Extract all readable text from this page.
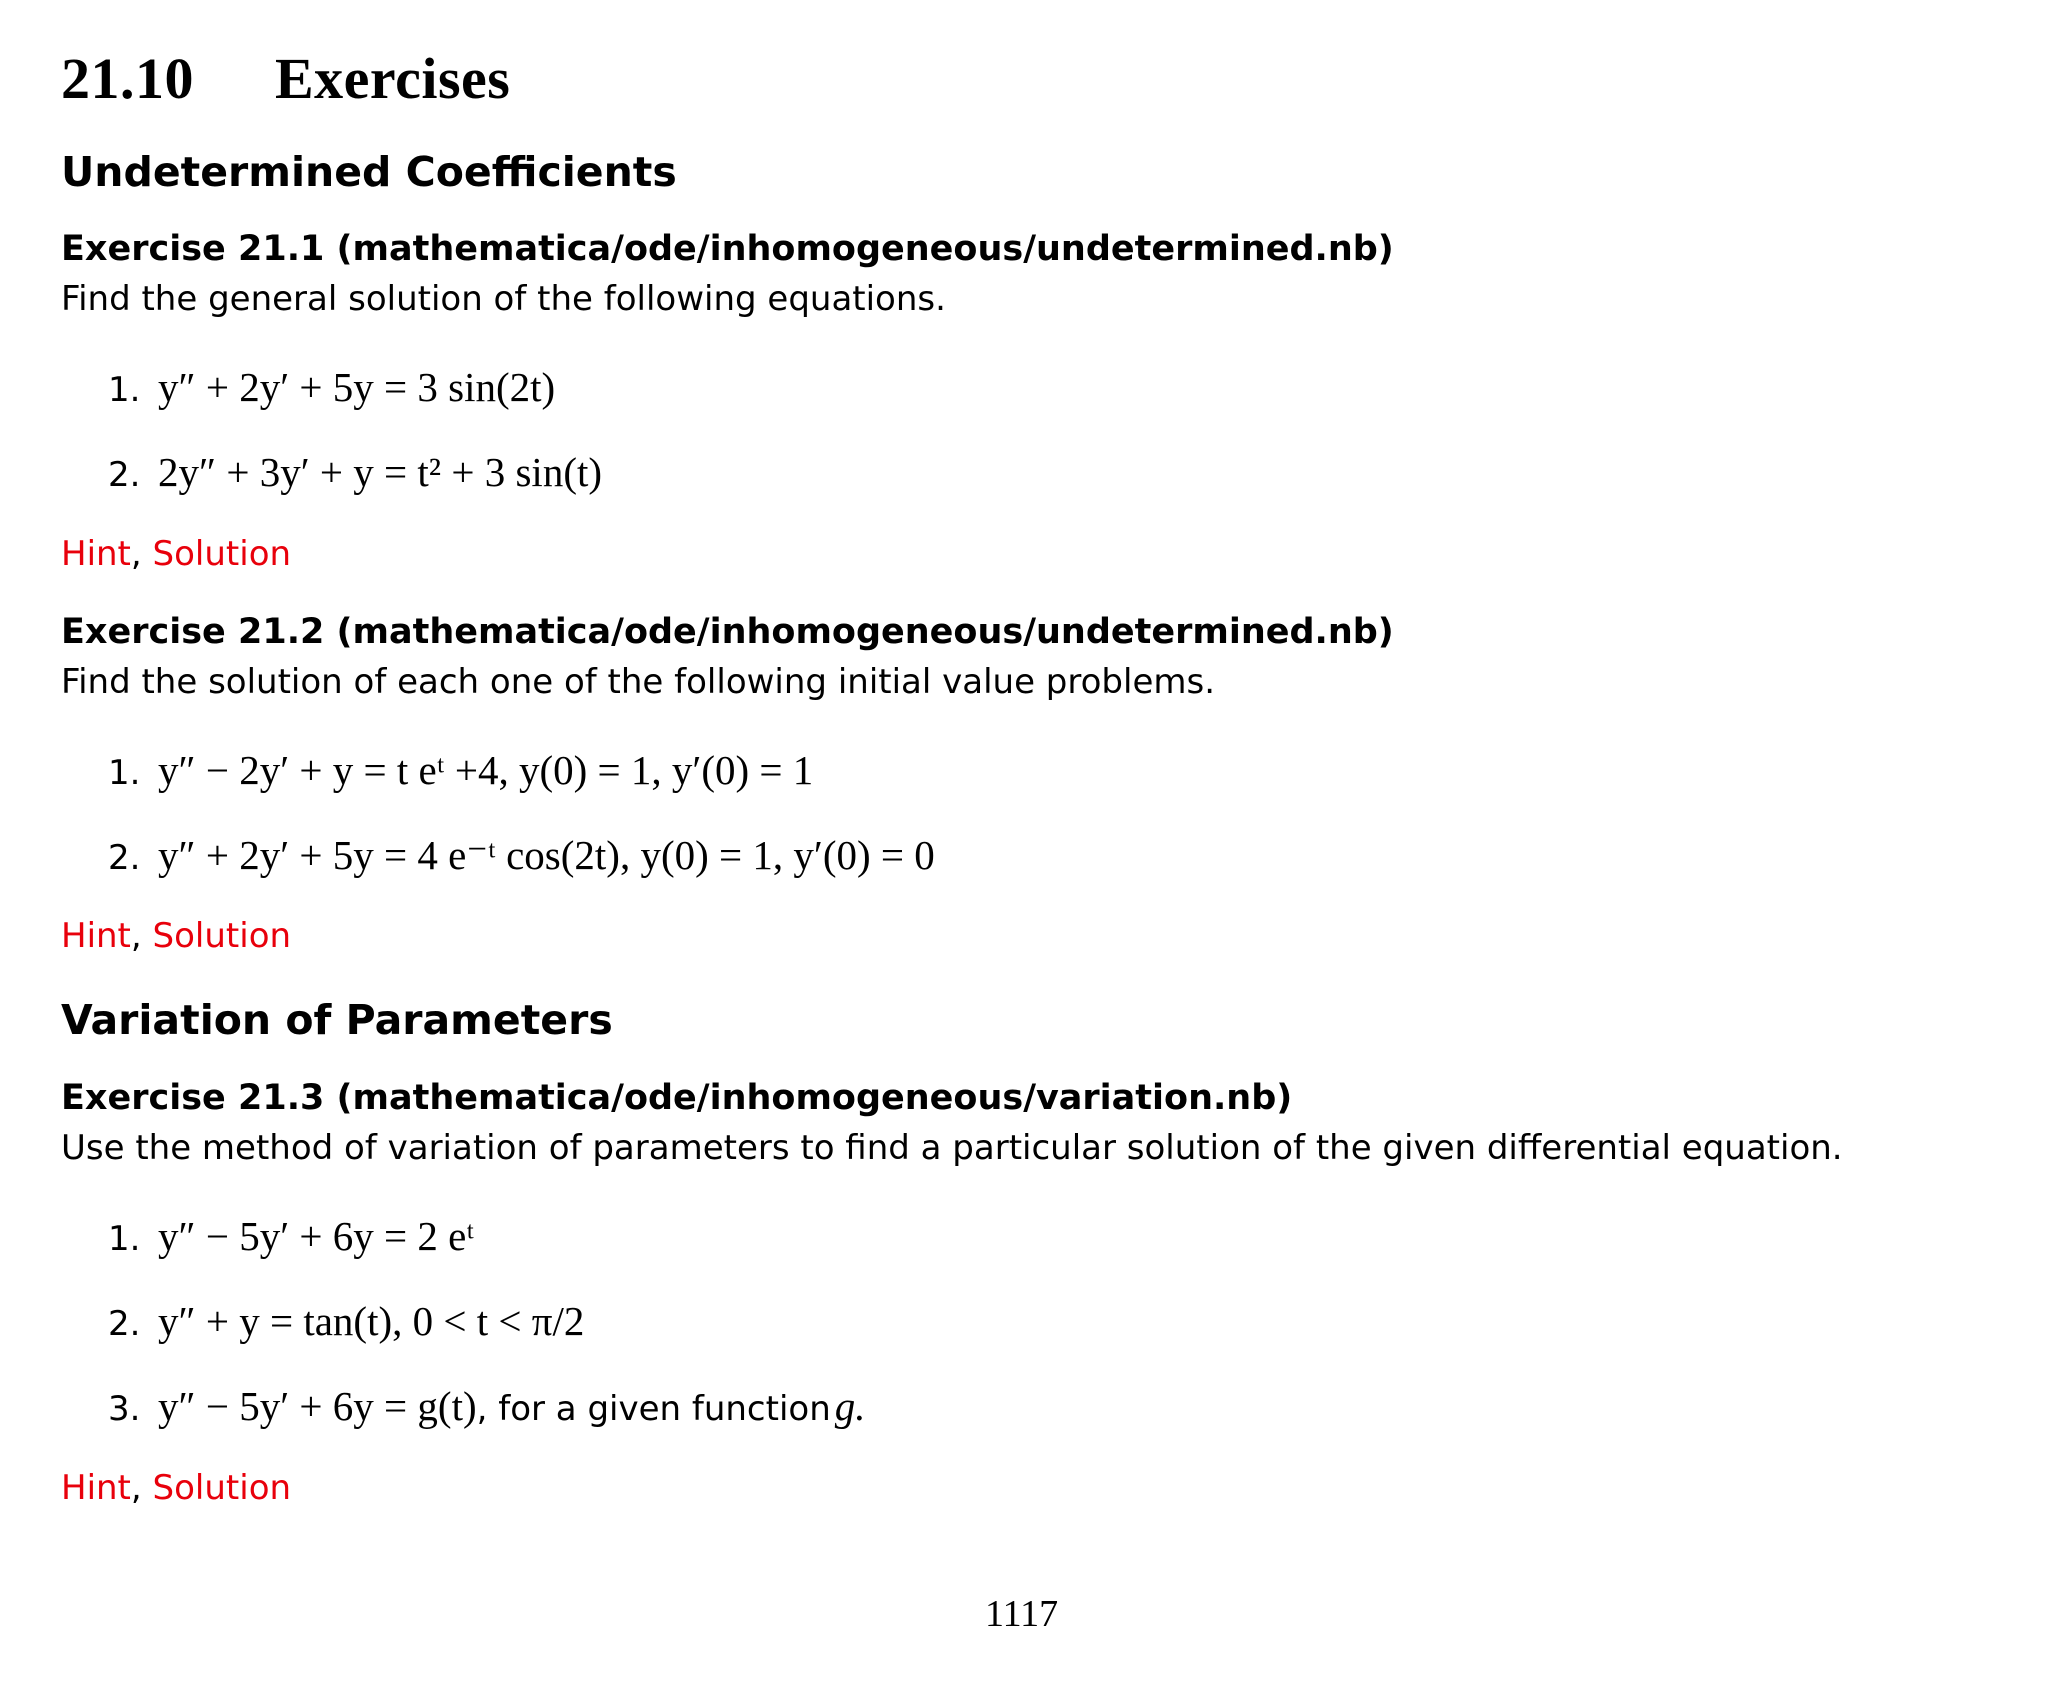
21.10 Exercises
Undetermined Coefficients
Exercise 21.1 (mathematica/ode/inhomogeneous/undetermined.nb)
Find the general solution of the following equations.
1. y″ + 2y′ + 5y = 3 sin(2t)
2. 2y″ + 3y′ + y = t² + 3 sin(t)
Hint, Solution
Exercise 21.2 (mathematica/ode/inhomogeneous/undetermined.nb)
Find the solution of each one of the following initial value problems.
1. y″ − 2y′ + y = t eᵗ +4, y(0) = 1, y′(0) = 1
2. y″ + 2y′ + 5y = 4 e⁻ᵗ cos(2t), y(0) = 1, y′(0) = 0
Hint, Solution
Variation of Parameters
Exercise 21.3 (mathematica/ode/inhomogeneous/variation.nb)
Use the method of variation of parameters to find a particular solution of the given differential equation.
1. y″ − 5y′ + 6y = 2 eᵗ
2. y″ + y = tan(t), 0 < t < π/2
3. y″ − 5y′ + 6y = g(t), for a given function g.
Hint, Solution
1117
